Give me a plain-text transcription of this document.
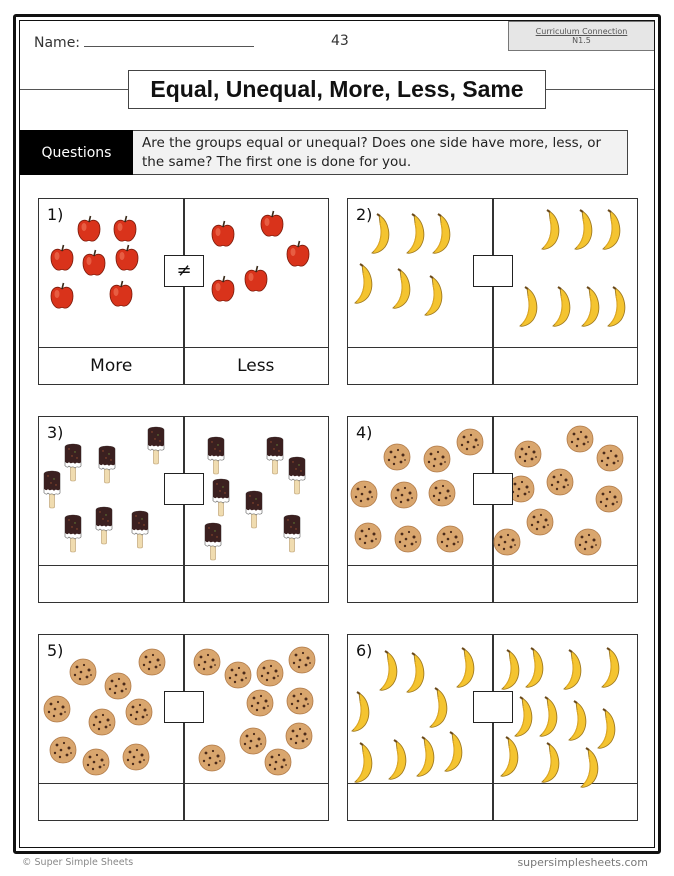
Name:	43
Curriculum Connection
N1.5
Equal, Unequal, More, Less, Same
Questions
Are the groups equal or unequal? Does one side have more, less, or the same? The first one is done for you.
1)
≠
More	Less
2)
3)	4)
5)	6)
© Super Simple Sheets	supersimplesheets.com
